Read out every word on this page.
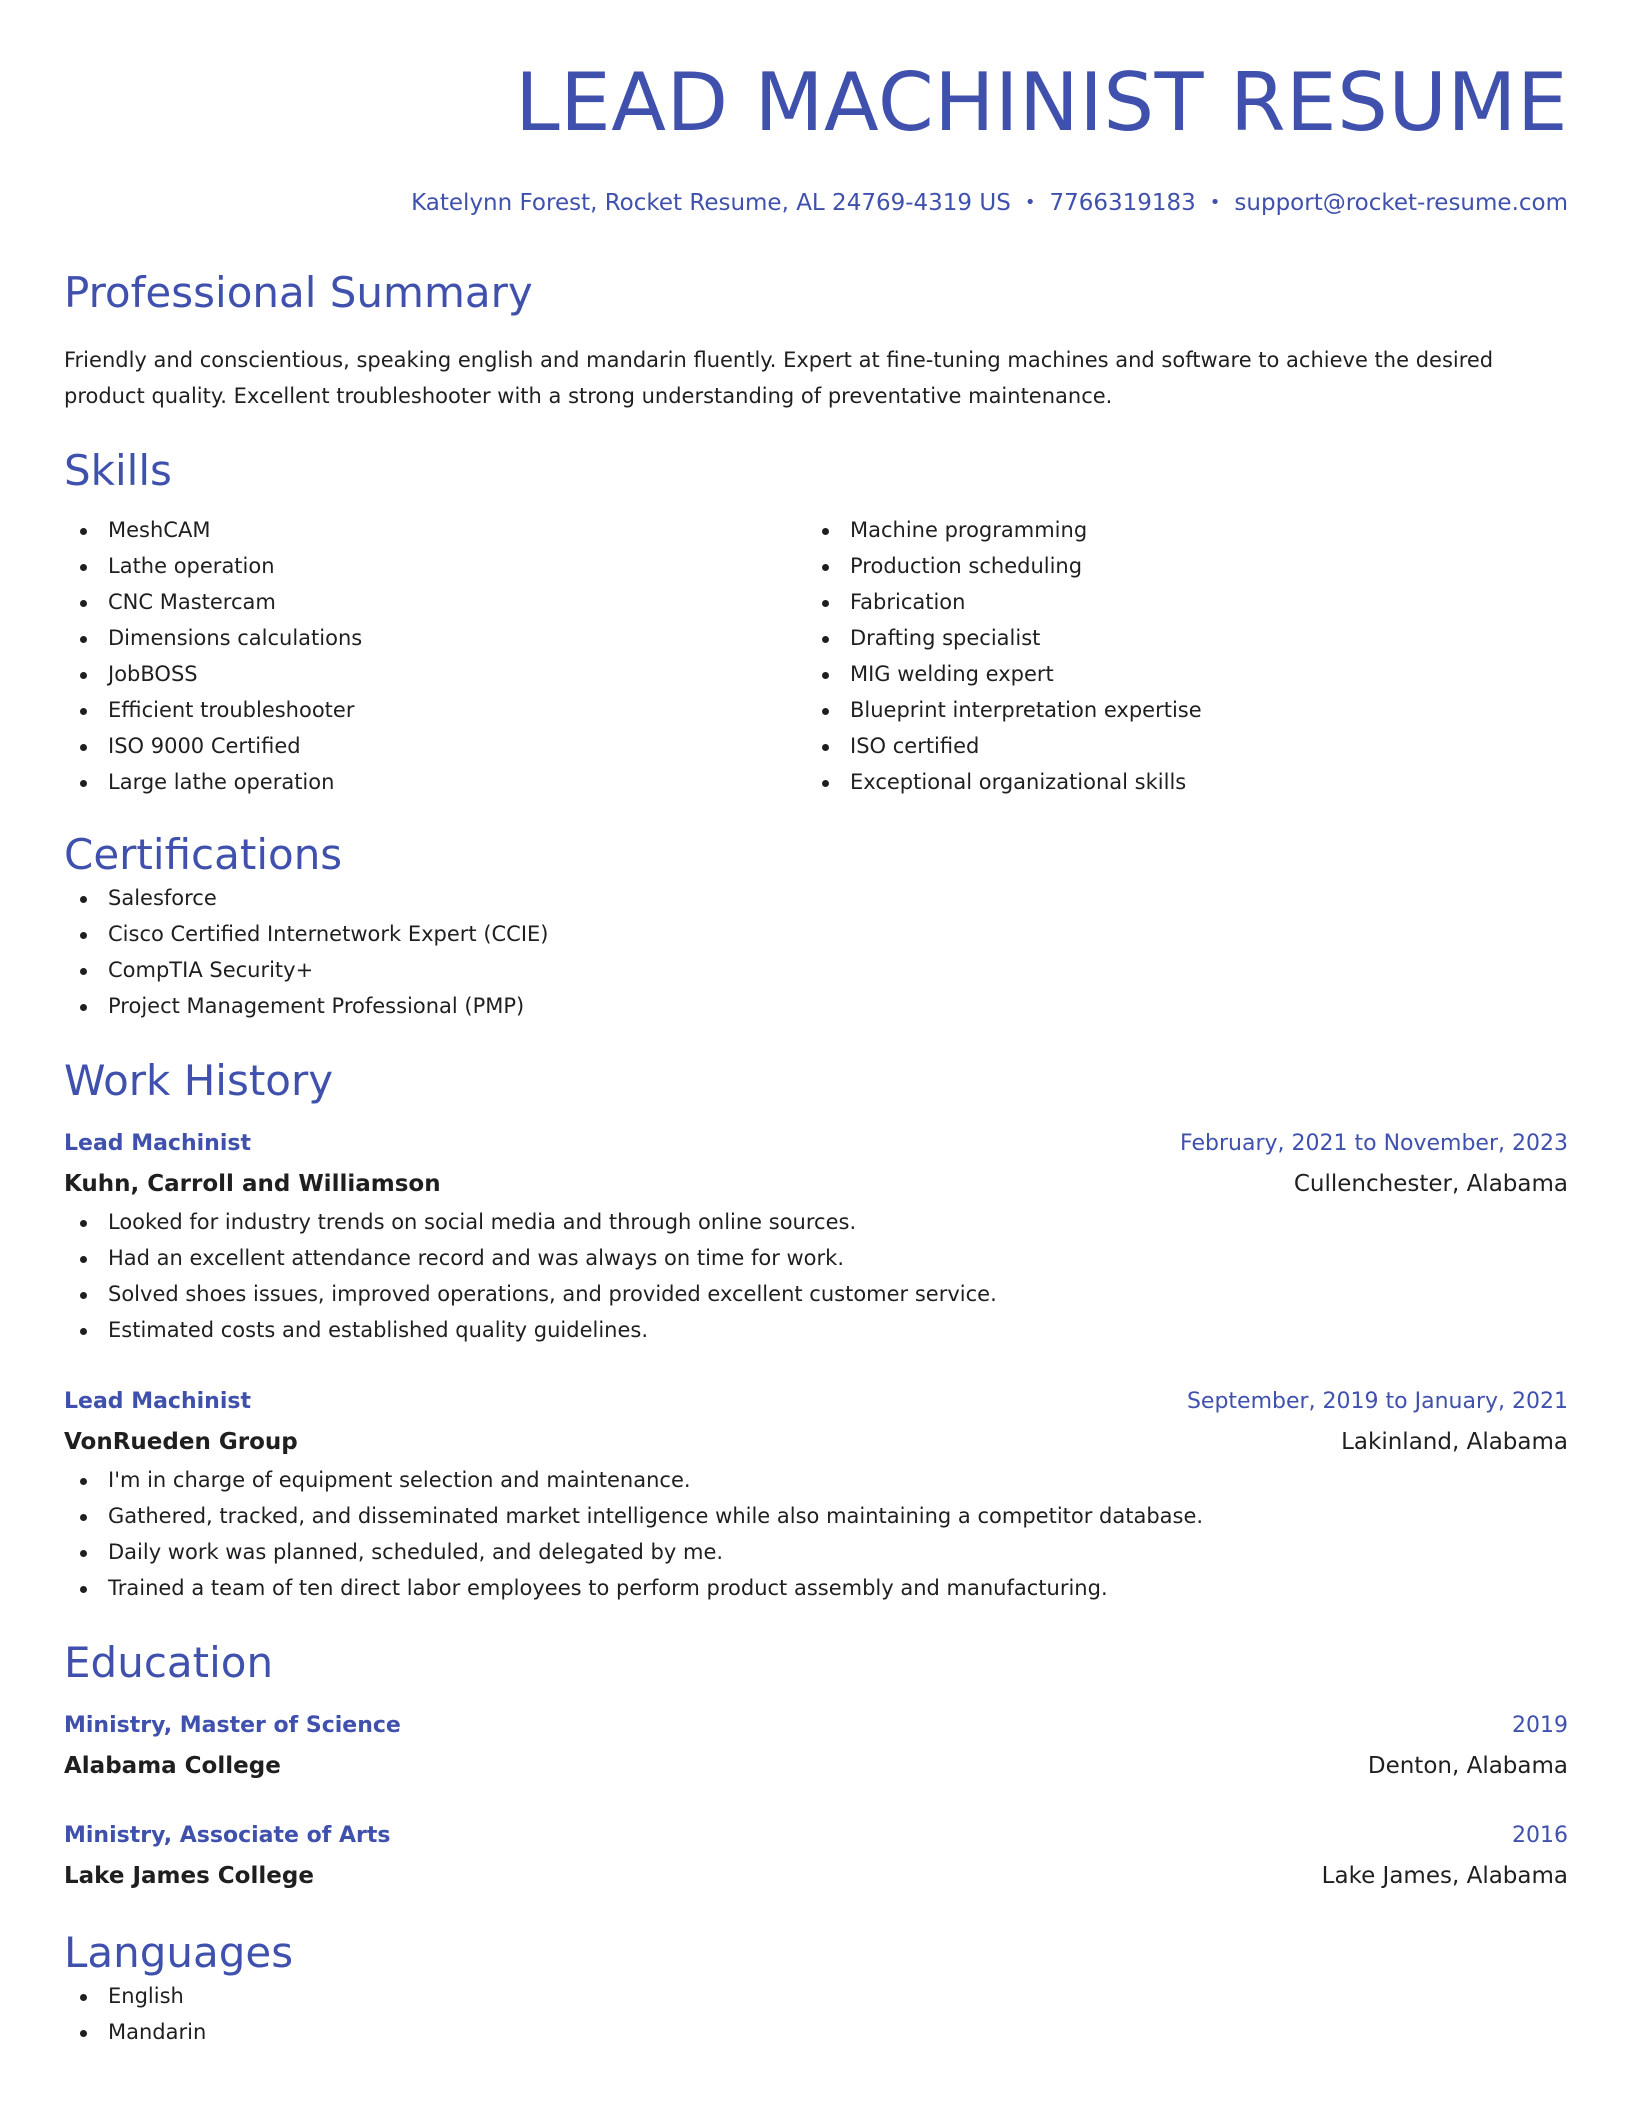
LEAD MACHINIST RESUME
Katelynn Forest, Rocket Resume, AL 24769-4319 US • 7766319183 • support@rocket-resume.com
Professional Summary

Friendly and conscientious, speaking english and mandarin fluently. Expert at fine-tuning machines and software to achieve the desired product quality. Excellent troubleshooter with a strong understanding of preventative maintenance.

Skills
MeshCAM
Lathe operation
CNC Mastercam
Dimensions calculations
JobBOSS
Efficient troubleshooter
ISO 9000 Certified
Large lathe operation
Machine programming
Production scheduling
Fabrication
Drafting specialist
MIG welding expert
Blueprint interpretation expertise
ISO certified
Exceptional organizational skills
Certifications
Salesforce
Cisco Certified Internetwork Expert (CCIE)
CompTIA Security+
Project Management Professional (PMP)
Work History
Lead Machinist	February, 2021 to November, 2023
Kuhn, Carroll and Williamson	Cullenchester, Alabama
Looked for industry trends on social media and through online sources.
Had an excellent attendance record and was always on time for work.
Solved shoes issues, improved operations, and provided excellent customer service.
Estimated costs and established quality guidelines.
Lead Machinist	September, 2019 to January, 2021
VonRueden Group	Lakinland, Alabama
I'm in charge of equipment selection and maintenance.
Gathered, tracked, and disseminated market intelligence while also maintaining a competitor database.
Daily work was planned, scheduled, and delegated by me.
Trained a team of ten direct labor employees to perform product assembly and manufacturing.
Education
Ministry, Master of Science	2019
Alabama College	Denton, Alabama
Ministry, Associate of Arts	2016
Lake James College	Lake James, Alabama
Languages
English
Mandarin
